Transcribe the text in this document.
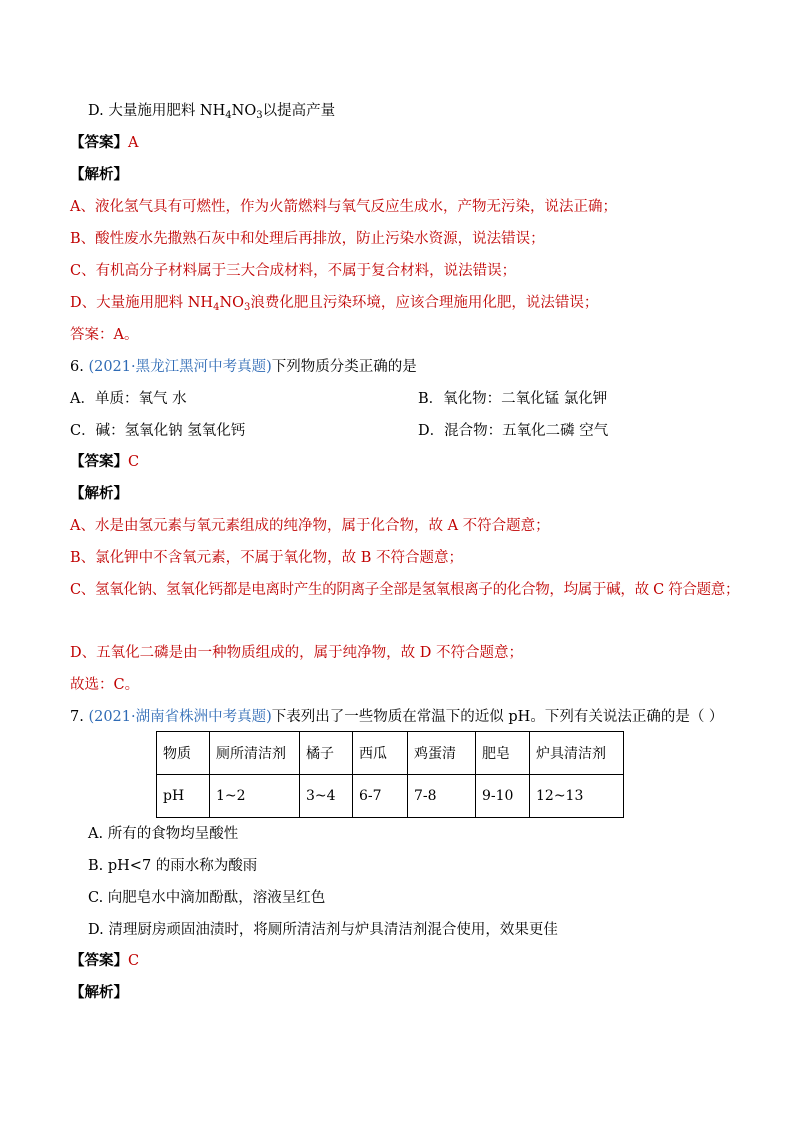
D. 大量施用肥料 $NH_4NO_3$以提高产量
【答案】A
【解析】
A、液化氢气具有可燃性，作为火箭燃料与氧气反应生成水，产物无污染，说法正确；
B、酸性废水先撒熟石灰中和处理后再排放，防止污染水资源，说法错误；
C、有机高分子材料属于三大合成材料，不属于复合材料，说法错误；
D、大量施用肥料 $NH_4NO_3$浪费化肥且污染环境，应该合理施用化肥，说法错误；
答案：A。
6. (2021·黑龙江黑河中考真题)下列物质分类正确的是
A．单质：氧气 水	B．氧化物：二氧化锰 氯化钾
C．碱：氢氧化钠 氢氧化钙	D．混合物：五氧化二磷 空气
【答案】C
【解析】
A、水是由氢元素与氧元素组成的纯净物，属于化合物，故 A 不符合题意；
B、氯化钾中不含氧元素，不属于氧化物，故 B 不符合题意；
C、氢氧化钠、氢氧化钙都是电离时产生的阴离子全部是氢氧根离子的化合物，均属于碱，故 C 符合题意；
D、五氧化二磷是由一种物质组成的，属于纯净物，故 D 不符合题意；
故选：C。
7. (2021·湖南省株洲中考真题)下表列出了一些物质在常温下的近似 pH。下列有关说法正确的是（ ）
物质	厕所清洁剂	橘子	西瓜	鸡蛋清	肥皂	炉具清洁剂
pH	1~2	3~4	6-7	7-8	9-10	12~13
A. 所有的食物均呈酸性
B. pH<7 的雨水称为酸雨
C. 向肥皂水中滴加酚酞，溶液呈红色
D. 清理厨房顽固油渍时，将厕所清洁剂与炉具清洁剂混合使用，效果更佳
【答案】C
【解析】
